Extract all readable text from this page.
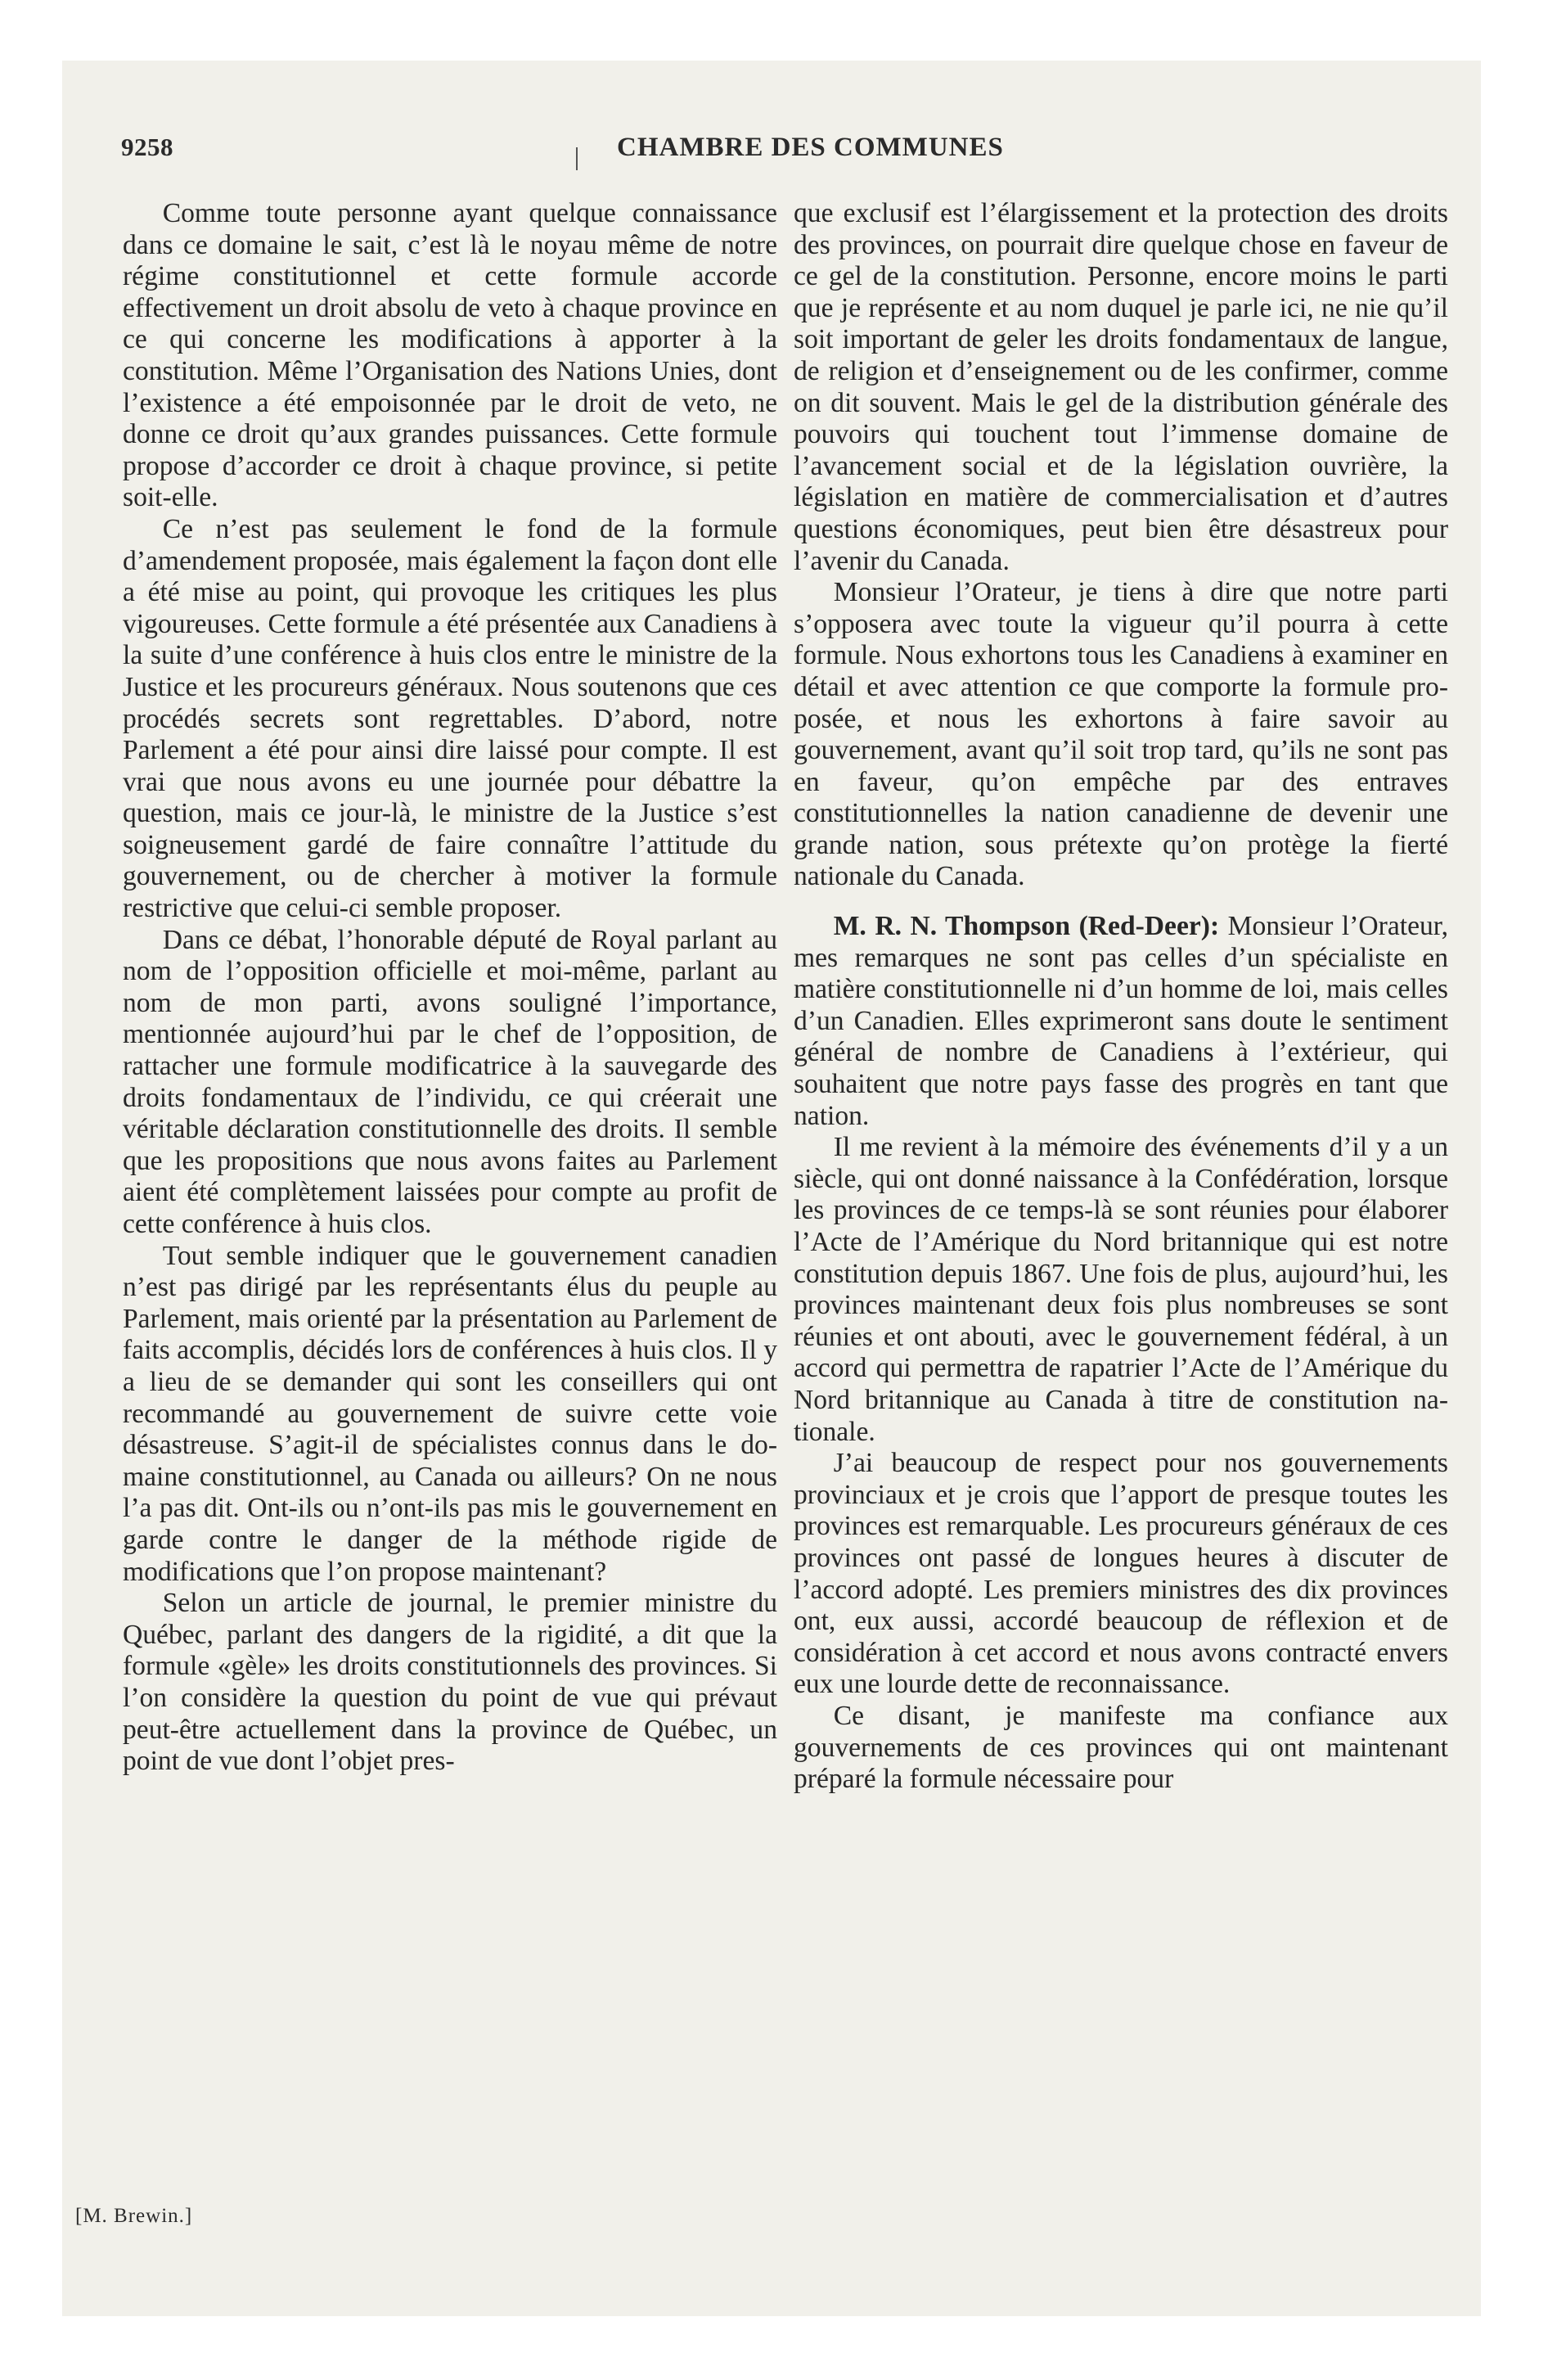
9258	CHAMBRE DES COMMUNES

Comme toute personne ayant quelque connaissance dans ce domaine le sait, c’est là le noyau même de notre régime constitutionnel et cette formule accorde effectivement un droit absolu de veto à chaque province en ce qui concerne les modifications à apporter à la constitution. Même l’Organisation des Nations Unies, dont l’existence a été empoisonnée par le droit de veto, ne donne ce droit qu’aux grandes puissances. Cette formule propose d’accorder ce droit à chaque province, si petite soit-elle.

Ce n’est pas seulement le fond de la formule d’amendement proposée, mais également la façon dont elle a été mise au point, qui provoque les critiques les plus vigoureuses. Cette formule a été présentée aux Canadiens à la suite d’une conférence à huis clos entre le ministre de la Justice et les procureurs généraux. Nous soutenons que ces procédés secrets sont regrettables. D’abord, notre Parlement a été pour ainsi dire laissé pour compte. Il est vrai que nous avons eu une journée pour débattre la question, mais ce jour-là, le ministre de la Justice s’est soigneusement gardé de faire connaître l’attitude du gouvernement, ou de chercher à motiver la formule restrictive que celui-ci semble proposer.

Dans ce débat, l’honorable député de Royal parlant au nom de l’opposition officielle et moi-même, parlant au nom de mon parti, avons souligné l’importance, mentionnée aujourd’hui par le chef de l’opposition, de rattacher une formule modificatrice à la sauvegarde des droits fondamentaux de l’individu, ce qui créerait une véritable déclaration constitutionnelle des droits. Il semble que les propositions que nous avons faites au Parlement aient été complètement laissées pour compte au profit de cette conférence à huis clos.

Tout semble indiquer que le gouvernement canadien n’est pas dirigé par les représentants élus du peuple au Parlement, mais orienté par la présentation au Parlement de faits accomplis, décidés lors de conférences à huis clos. Il y a lieu de se demander qui sont les conseillers qui ont recommandé au gouvernement de suivre cette voie désastreuse. S’agit-il de spécialistes connus dans le domaine constitutionnel, au Canada ou ailleurs? On ne nous l’a pas dit. Ont-ils ou n’ont-ils pas mis le gouvernement en garde contre le danger de la méthode rigide de modifications que l’on propose maintenant?

Selon un article de journal, le premier ministre du Québec, parlant des dangers de la rigidité, a dit que la formule «gèle» les droits constitutionnels des provinces. Si l’on considère la question du point de vue qui prévaut peut-être actuellement dans la province de Québec, un point de vue dont l’objet pres-

que exclusif est l’élargissement et la protection des droits des provinces, on pourrait dire quelque chose en faveur de ce gel de la constitution. Personne, encore moins le parti que je représente et au nom duquel je parle ici, ne nie qu’il soit important de geler les droits fondamentaux de langue, de religion et d’enseignement ou de les confirmer, comme on dit souvent. Mais le gel de la distribution générale des pouvoirs qui touchent tout l’immense domaine de l’avancement social et de la législation ouvrière, la législation en matière de commercialisation et d’autres questions économiques, peut bien être désastreux pour l’avenir du Canada.

Monsieur l’Orateur, je tiens à dire que notre parti s’opposera avec toute la vigueur qu’il pourra à cette formule. Nous exhortons tous les Canadiens à examiner en détail et avec attention ce que comporte la formule proposée, et nous les exhortons à faire savoir au gouvernement, avant qu’il soit trop tard, qu’ils ne sont pas en faveur, qu’on empêche par des entraves constitutionnelles la nation canadienne de devenir une grande nation, sous prétexte qu’on protège la fierté nationale du Canada.

M. R. N. Thompson (Red-Deer): Monsieur l’Orateur, mes remarques ne sont pas celles d’un spécialiste en matière constitutionnelle ni d’un homme de loi, mais celles d’un Canadien. Elles exprimeront sans doute le sentiment général de nombre de Canadiens à l’extérieur, qui souhaitent que notre pays fasse des progrès en tant que nation.

Il me revient à la mémoire des événements d’il y a un siècle, qui ont donné naissance à la Confédération, lorsque les provinces de ce temps-là se sont réunies pour élaborer l’Acte de l’Amérique du Nord britannique qui est notre constitution depuis 1867. Une fois de plus, aujourd’hui, les provinces maintenant deux fois plus nombreuses se sont réunies et ont abouti, avec le gouvernement fédéral, à un accord qui permettra de rapatrier l’Acte de l’Amérique du Nord britannique au Canada à titre de constitution nationale.

J’ai beaucoup de respect pour nos gouvernements provinciaux et je crois que l’apport de presque toutes les provinces est remarquable. Les procureurs généraux de ces provinces ont passé de longues heures à discuter de l’accord adopté. Les premiers ministres des dix provinces ont, eux aussi, accordé beaucoup de réflexion et de considération à cet accord et nous avons contracté envers eux une lourde dette de reconnaissance.

Ce disant, je manifeste ma confiance aux gouvernements de ces provinces qui ont maintenant préparé la formule nécessaire pour

[M. Brewin.]
